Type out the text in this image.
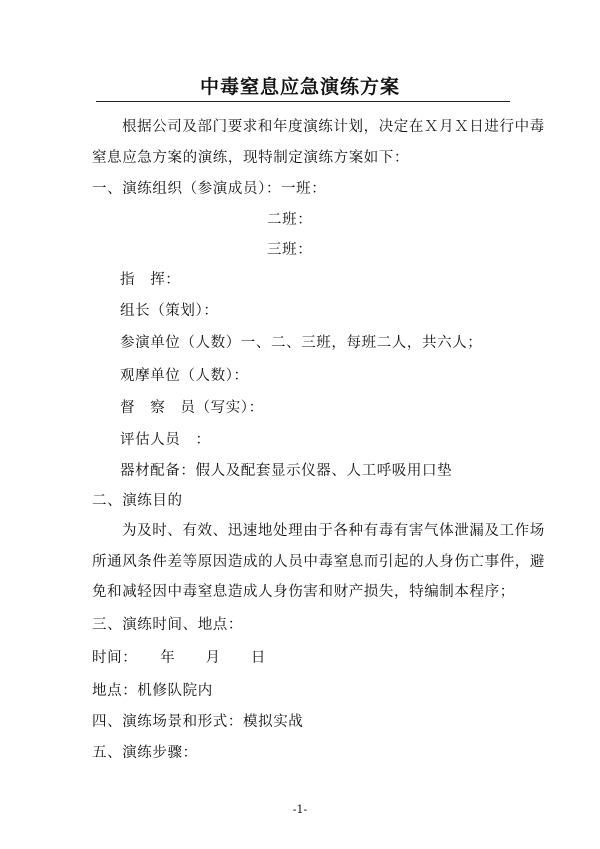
中毒窒息应急演练方案
根据公司及部门要求和年度演练计划，决定在Ｘ月Ｘ日进行中毒
窒息应急方案的演练，现特制定演练方案如下：
一、演练组织（参演成员）：一班：
二班：
三班：
指　挥：
组长（策划）：
参演单位（人数）一、二、三班，每班二人，共六人；
观摩单位（人数）：
督　察　员（写实）：
评估人员　：
器材配备：假人及配套显示仪器、人工呼吸用口垫
二、演练目的
为及时、有效、迅速地处理由于各种有毒有害气体泄漏及工作场
所通风条件差等原因造成的人员中毒窒息而引起的人身伤亡事件，避
免和减轻因中毒窒息造成人身伤害和财产损失，特编制本程序；
三、演练时间、地点：
时间：　　年　　月　　日
地点：机修队院内
四、演练场景和形式：模拟实战
五、演练步骤：
-1-
